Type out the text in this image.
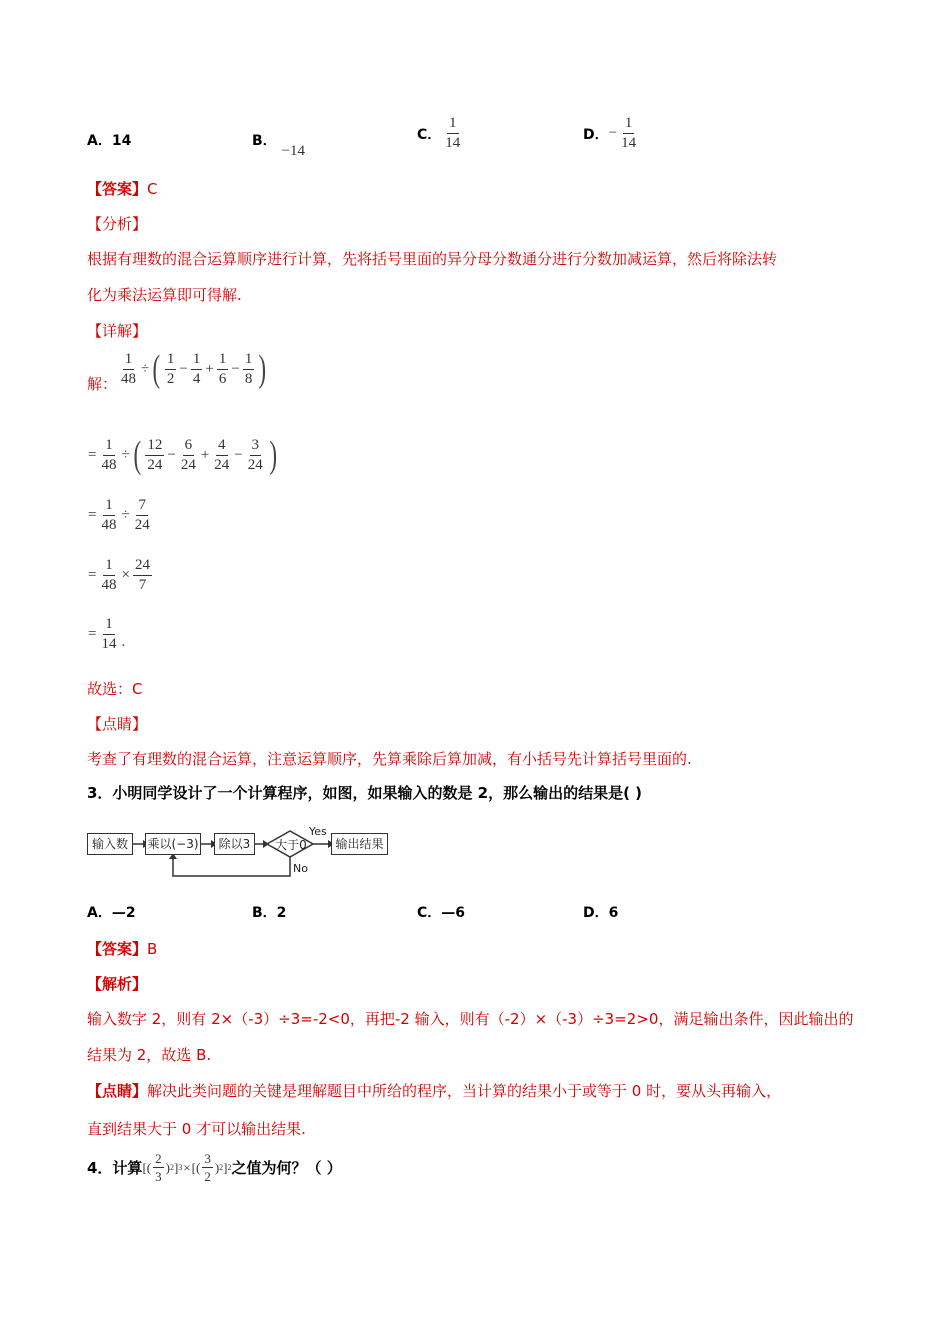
A．14	B． −14
C． $\frac{1}{14}$	D． − $\frac{1}{14}$
【答案】C
【分析】
根据有理数的混合运算顺序进行计算，先将括号里面的异分母分数通分进行分数加减运算，然后将除法转
化为乘法运算即可得解.
【详解】
解： $\frac{1}{48}$ ÷ ( $\frac{1}{2} - \frac{1}{4} + \frac{1}{6} - \frac{1}{8}$ )
= $\frac{1}{48}$ ÷ ( $\frac{12}{24} - \frac{6}{24} + \frac{4}{24} - \frac{3}{24}$ )
= $\frac{1}{48} \div \frac{7}{24}$
= $\frac{1}{48} \times \frac{24}{7}$
= $\frac{1}{14}$ .
故选：C
【点睛】
考查了有理数的混合运算，注意运算顺序，先算乘除后算加减，有小括号先计算括号里面的.
3．小明同学设计了一个计算程序，如图，如果输入的数是 2，那么输出的结果是( )
输入数	乘以(−3)	除以3	大于0
Yes
No
输出结果
A．—2	B．2	C．—6	D．6
【答案】B
【解析】
输入数字 2，则有 2×（-3）÷3=-2<0，再把-2 输入，则有（-2）×（-3）÷3=2>0，满足输出条件，因此输出的
结果为 2，故选 B.
【点睛】解决此类问题的关键是理解题目中所给的程序，当计算的结果小于或等于 0 时，要从头再输入，
直到结果大于 0 才可以输出结果.
4．计算 [( $\frac{2}{3}$ ) 2 ] 3 × [( $\frac{3}{2}$ ) 2 ] 2 之值为何？（ ）
